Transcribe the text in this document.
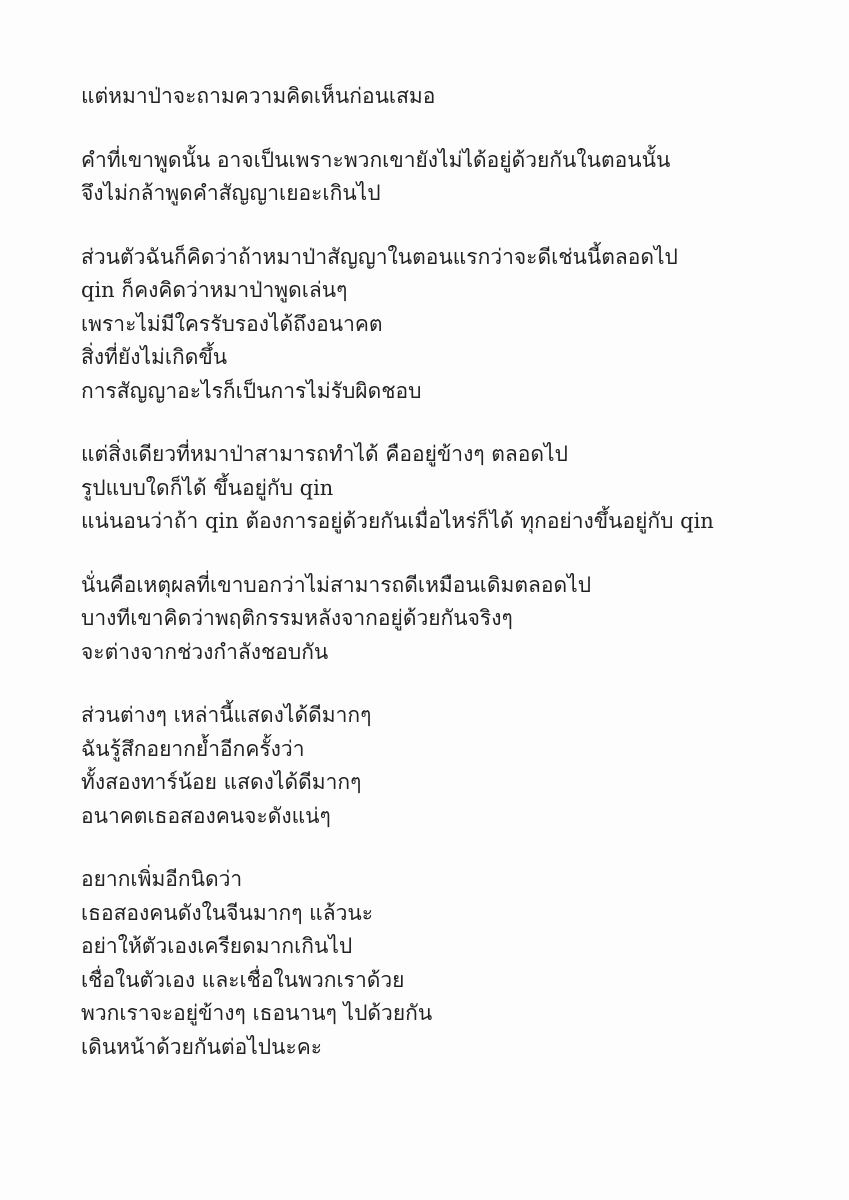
แต่หมาป่าจะถามความคิดเห็นก่อนเสมอ
คำที่เขาพูดนั้น อาจเป็นเพราะพวกเขายังไม่ได้อยู่ด้วยกันในตอนนั้น
จึงไม่กล้าพูดคำสัญญาเยอะเกินไป
ส่วนตัวฉันก็คิดว่าถ้าหมาป่าสัญญาในตอนแรกว่าจะดีเช่นนี้ตลอดไป
qin ก็คงคิดว่าหมาป่าพูดเล่นๆ
เพราะไม่มีใครรับรองได้ถึงอนาคต
สิ่งที่ยังไม่เกิดขึ้น
การสัญญาอะไรก็เป็นการไม่รับผิดชอบ
แต่สิ่งเดียวที่หมาป่าสามารถทำได้ คืออยู่ข้างๆ ตลอดไป
รูปแบบใดก็ได้ ขึ้นอยู่กับ qin
แน่นอนว่าถ้า qin ต้องการอยู่ด้วยกันเมื่อไหร่ก็ได้ ทุกอย่างขึ้นอยู่กับ qin
นั่นคือเหตุผลที่เขาบอกว่าไม่สามารถดีเหมือนเดิมตลอดไป
บางทีเขาคิดว่าพฤติกรรมหลังจากอยู่ด้วยกันจริงๆ
จะต่างจากช่วงกำลังชอบกัน
ส่วนต่างๆ เหล่านี้แสดงได้ดีมากๆ
ฉันรู้สึกอยากย้ำอีกครั้งว่า
ทั้งสองทาร์น้อย แสดงได้ดีมากๆ
อนาคตเธอสองคนจะดังแน่ๆ
อยากเพิ่มอีกนิดว่า
เธอสองคนดังในจีนมากๆ แล้วนะ
อย่าให้ตัวเองเครียดมากเกินไป
เชื่อในตัวเอง และเชื่อในพวกเราด้วย
พวกเราจะอยู่ข้างๆ เธอนานๆ ไปด้วยกัน
เดินหน้าด้วยกันต่อไปนะคะ
